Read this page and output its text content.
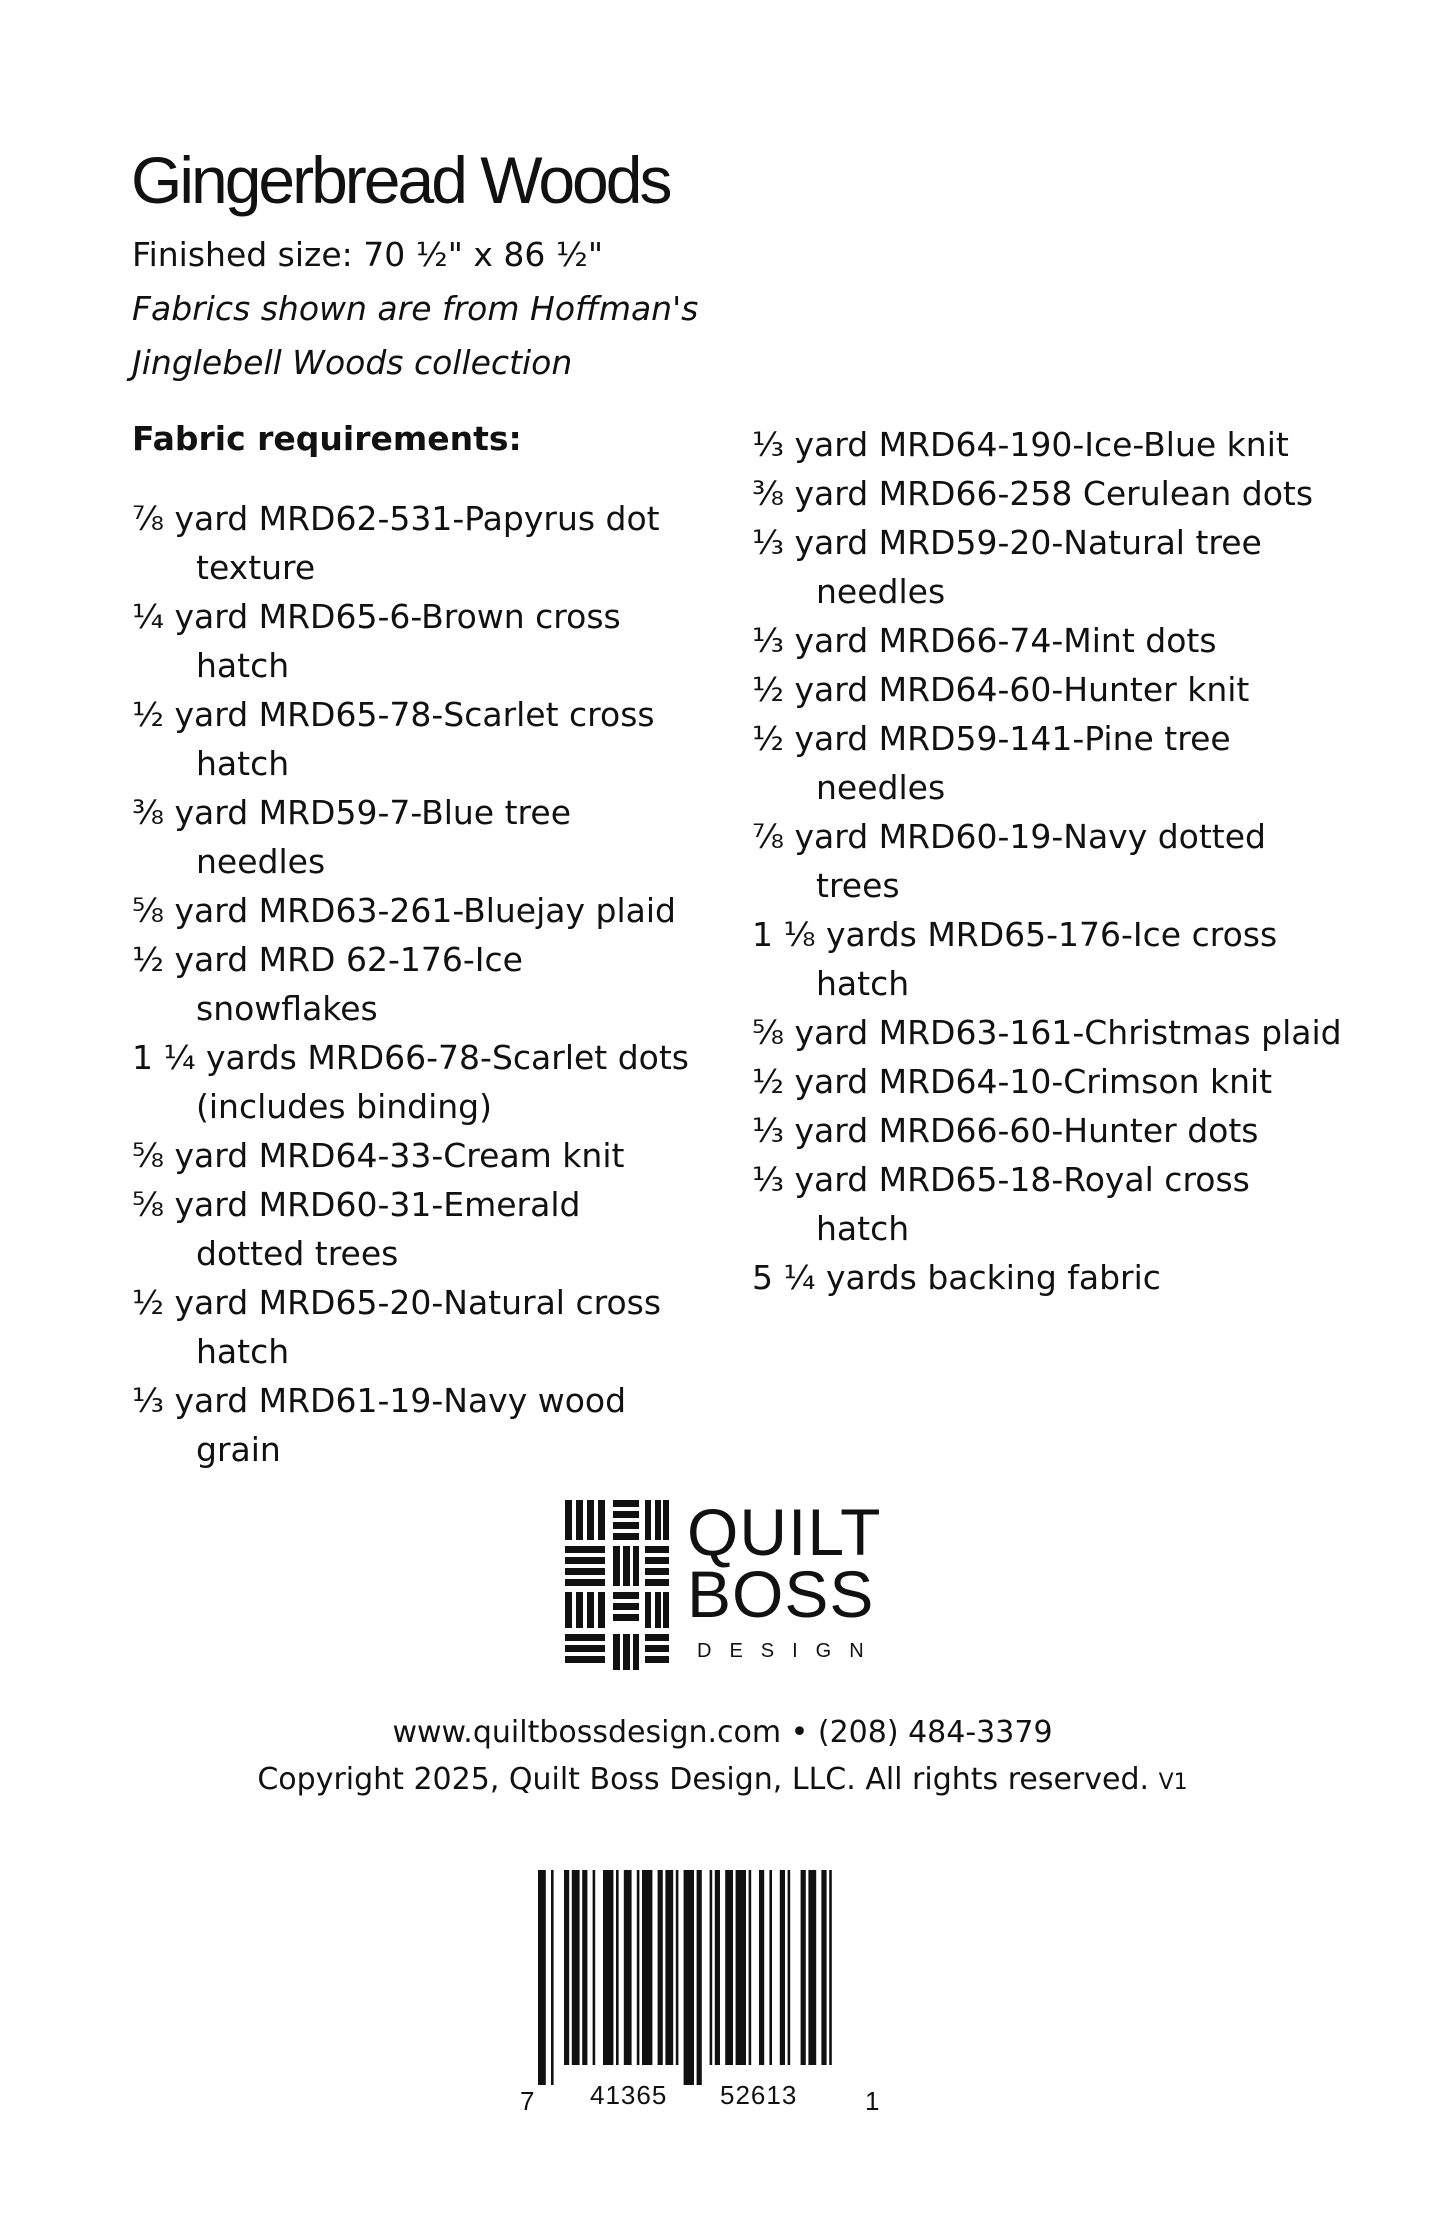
Gingerbread Woods
Finished size: 70 ½" x 86 ½"
Fabrics shown are from Hoffman's
Jinglebell Woods collection
Fabric requirements:
⅞ yard MRD62-531-Papyrus dot texture
¼ yard MRD65-6-Brown cross hatch
½ yard MRD65-78-Scarlet cross hatch
⅜ yard MRD59-7-Blue tree needles
⅝ yard MRD63-261-Bluejay plaid
½ yard MRD 62-176-Ice snowflakes
1 ¼ yards MRD66-78-Scarlet dots (includes binding)
⅝ yard MRD64-33-Cream knit
⅝ yard MRD60-31-Emerald dotted trees
½ yard MRD65-20-Natural cross hatch
⅓ yard MRD61-19-Navy wood grain
⅓ yard MRD64-190-Ice-Blue knit
⅜ yard MRD66-258 Cerulean dots
⅓ yard MRD59-20-Natural tree needles
⅓ yard MRD66-74-Mint dots
½ yard MRD64-60-Hunter knit
½ yard MRD59-141-Pine tree needles
⅞ yard MRD60-19-Navy dotted trees
1 ⅛ yards MRD65-176-Ice cross hatch
⅝ yard MRD63-161-Christmas plaid
½ yard MRD64-10-Crimson knit
⅓ yard MRD66-60-Hunter dots
⅓ yard MRD65-18-Royal cross hatch
5 ¼ yards backing fabric
QUILT
BOSS
DESIGN
www.quiltbossdesign.com • (208) 484-3379
Copyright 2025, Quilt Boss Design, LLC. All rights reserved. V1
7 41365 52613	1
